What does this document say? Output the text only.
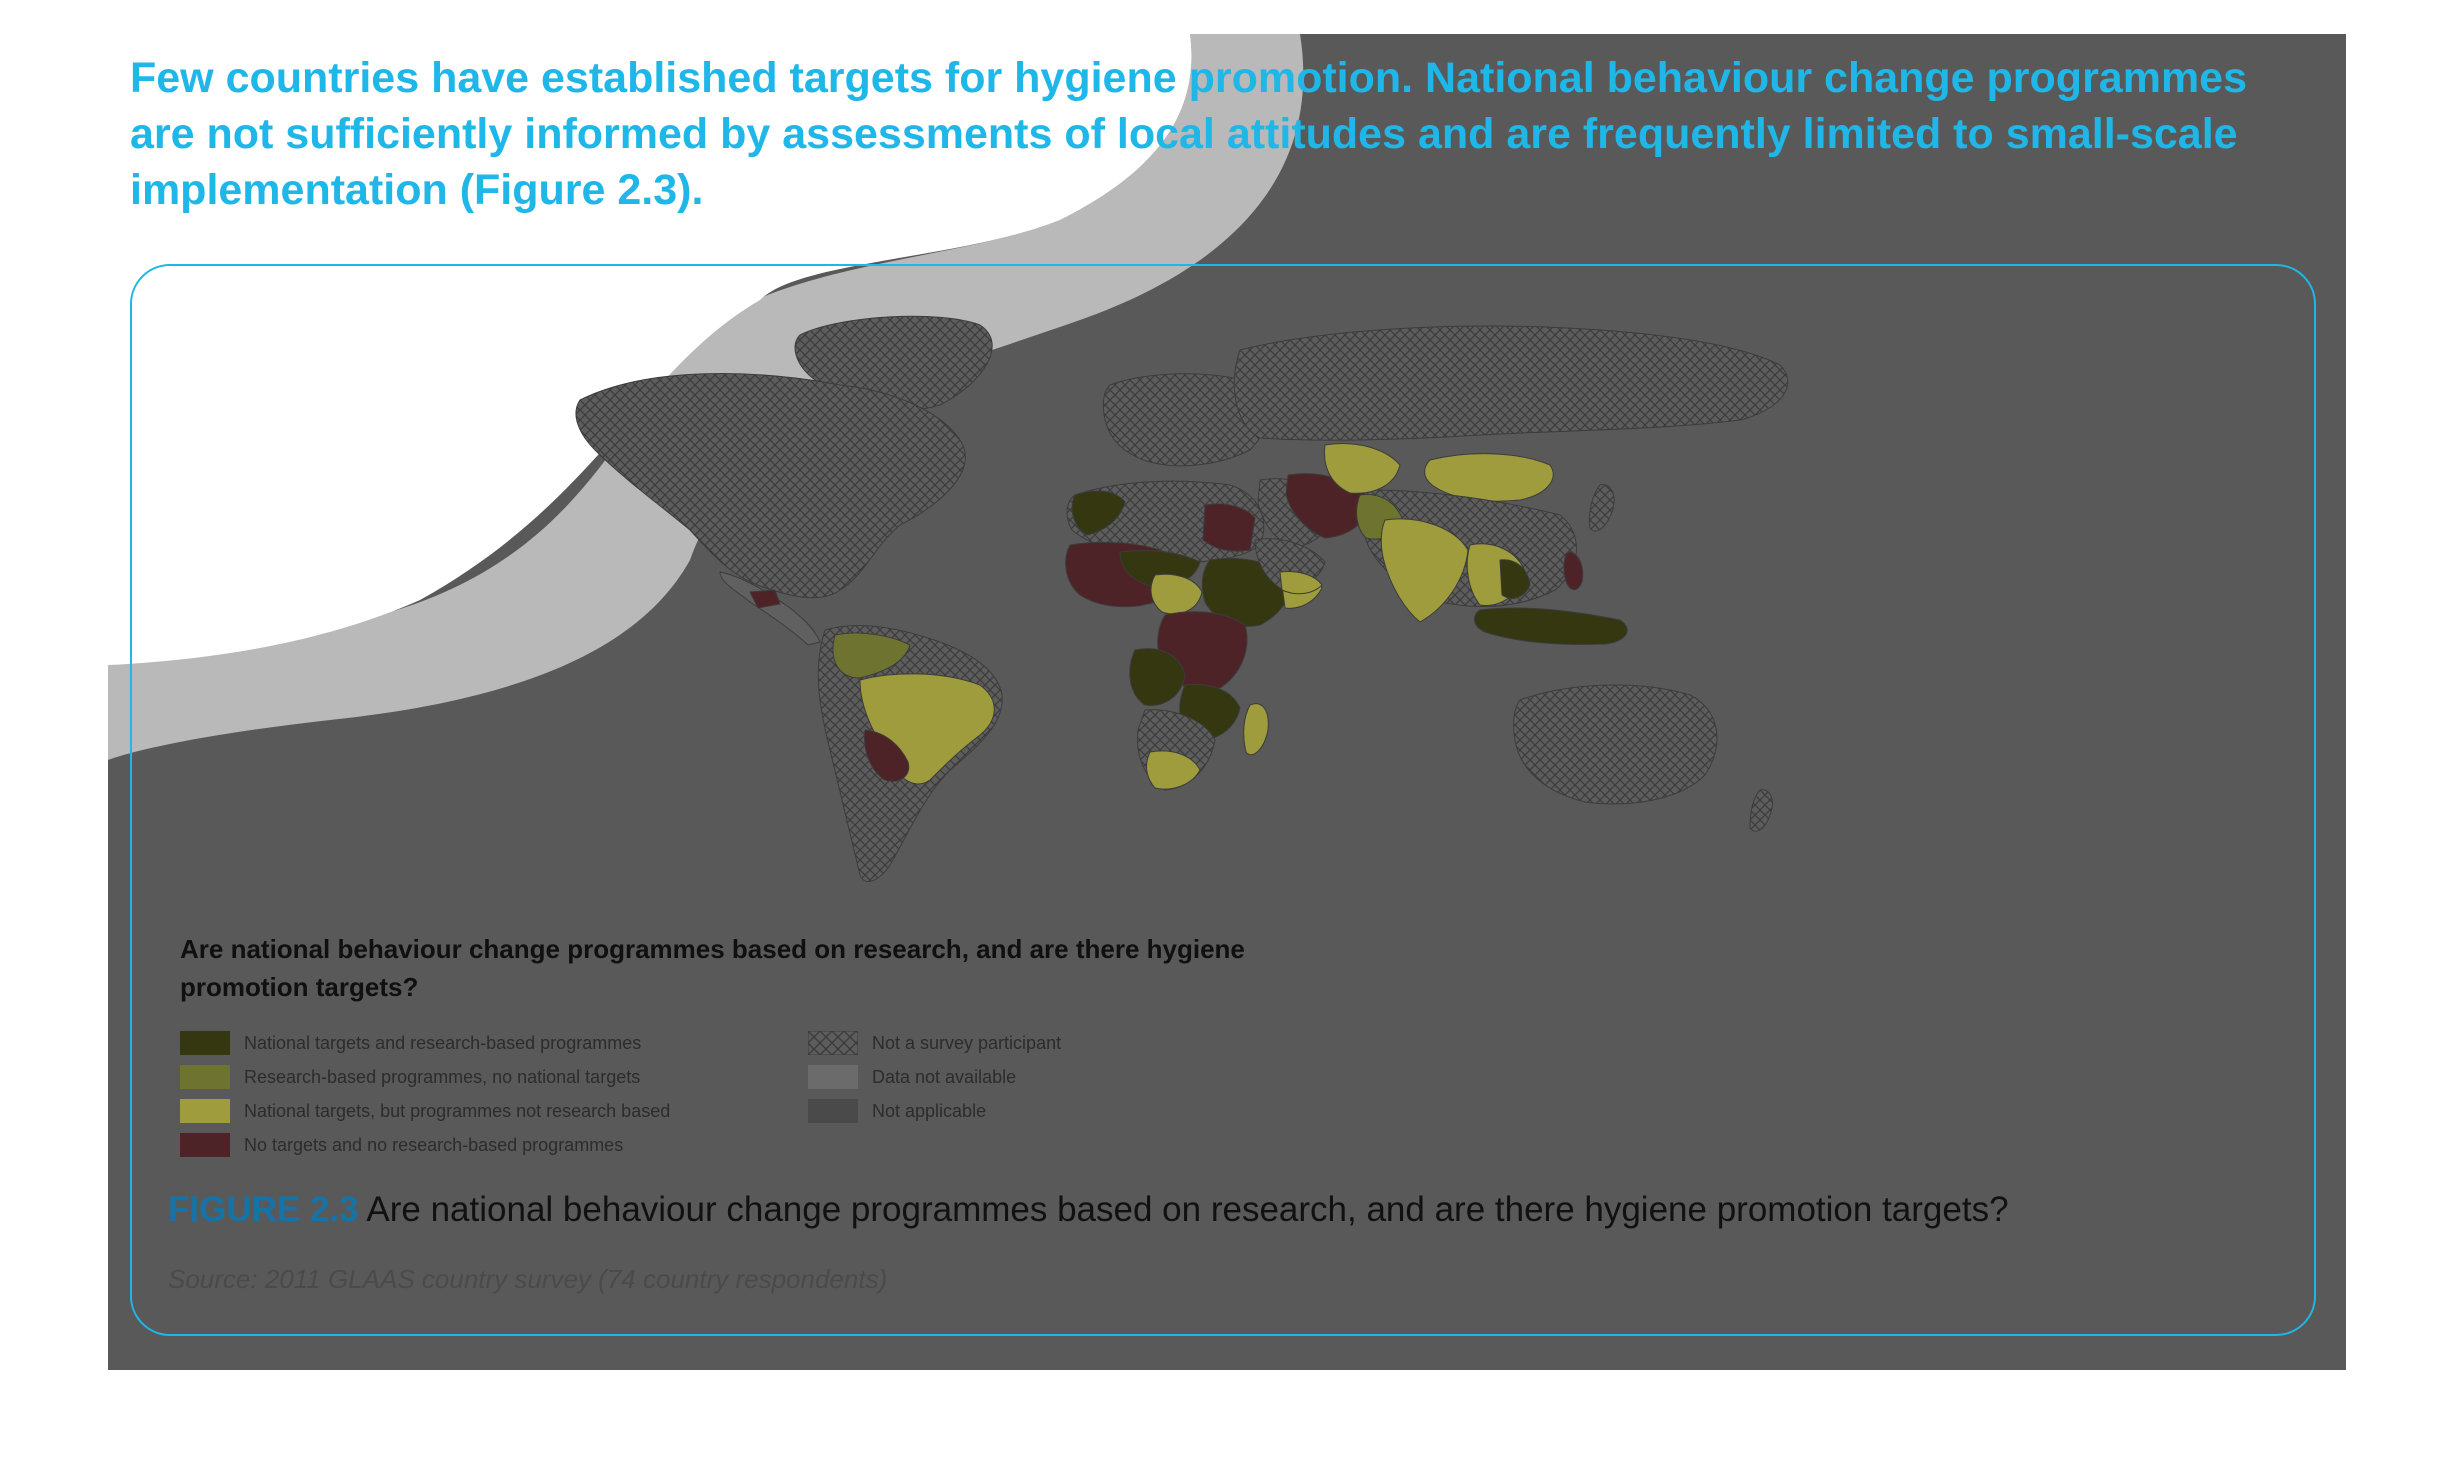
Few countries have established targets for hygiene promotion. National behaviour change programmes are not sufficiently informed by assessments of local attitudes and are frequently limited to small-scale implementation (Figure 2.3).

Are national behaviour change programmes based on research, and are there hygiene promotion targets?

National targets and research-based programmes
Research-based programmes, no national targets
National targets, but programmes not research based
No targets and no research-based programmes
Not a survey participant
Data not available
Not applicable

FIGURE 2.3 Are national behaviour change programmes based on research, and are there hygiene promotion targets?

Source: 2011 GLAAS country survey (74 country respondents)
